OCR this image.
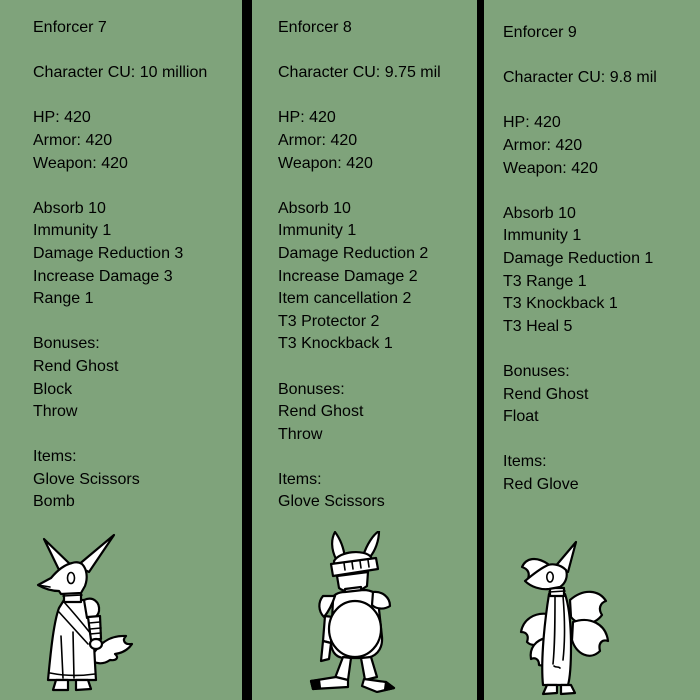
Enforcer 7
Character CU: 10 million
HP: 420
Armor: 420
Weapon: 420
Absorb 10
Immunity 1
Damage Reduction 3
Increase Damage 3
Range 1
Bonuses:
Rend Ghost
Block
Throw
Items:
Glove Scissors
Bomb
Enforcer 8
Character CU: 9.75 mil
HP: 420
Armor: 420
Weapon: 420
Absorb 10
Immunity 1
Damage Reduction 2
Increase Damage 2
Item cancellation 2
T3 Protector 2
T3 Knockback 1
Bonuses:
Rend Ghost
Throw
Items:
Glove Scissors
Enforcer 9
Character CU: 9.8 mil
HP: 420
Armor: 420
Weapon: 420
Absorb 10
Immunity 1
Damage Reduction 1
T3 Range 1
T3 Knockback 1
T3 Heal 5
Bonuses:
Rend Ghost
Float
Items:
Red Glove
